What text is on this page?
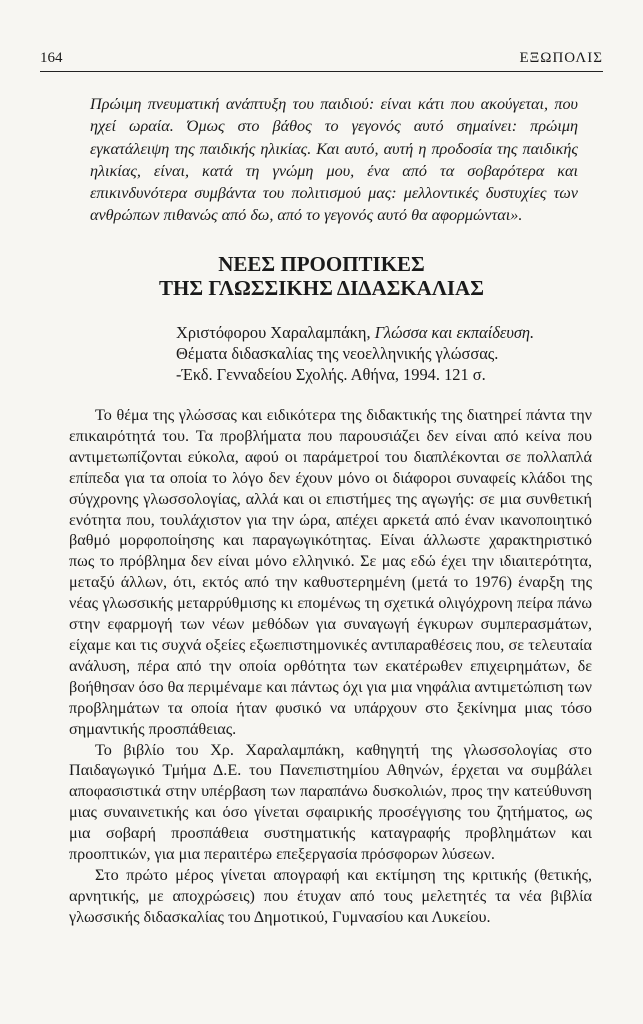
164	ΕΞΩΠΟΛΙΣ
Πρώιμη πνευματική ανάπτυξη του παιδιού: είναι κάτι που ακούγεται, που ηχεί ωραία. Όμως στο βάθος το γεγονός αυτό σημαίνει: πρώιμη εγκατάλειψη της παιδικής ηλικίας. Και αυτό, αυτή η προδοσία της παιδικής ηλικίας, είναι, κατά τη γνώμη μου, ένα από τα σοβαρότερα και επικινδυνότερα συμβάντα του πολιτισμού μας: μελλοντικές δυστυχίες των ανθρώπων πιθανώς από δω, από το γεγονός αυτό θα αφορμώνται».
ΝΕΕΣ ΠΡΟΟΠΤΙΚΕΣ
ΤΗΣ ΓΛΩΣΣΙΚΗΣ ΔΙΔΑΣΚΑΛΙΑΣ
Χριστόφορου Χαραλαμπάκη, Γλώσσα και εκπαίδευση.
Θέματα διδασκαλίας της νεοελληνικής γλώσσας.
-Έκδ. Γενναδείου Σχολής. Αθήνα, 1994. 121 σ.

Το θέμα της γλώσσας και ειδικότερα της διδακτικής της διατηρεί πάντα την επικαιρότητά του. Τα προβλήματα που παρουσιάζει δεν είναι από κείνα που αντιμετωπίζονται εύκολα, αφού οι παράμετροί του διαπλέκονται σε πολλαπλά επίπεδα για τα οποία το λόγο δεν έχουν μόνο οι διάφοροι συναφείς κλάδοι της σύγχρονης γλωσσολογίας, αλλά και οι επιστήμες της αγωγής: σε μια συνθετική ενότητα που, τουλάχιστον για την ώρα, απέχει αρκετά από έναν ικανοποιητικό βαθμό μορφοποίησης και παραγωγικότητας. Είναι άλλωστε χαρακτηριστικό πως το πρόβλημα δεν είναι μόνο ελληνικό. Σε μας εδώ έχει την ιδιαιτερότητα, μεταξύ άλλων, ότι, εκτός από την καθυστερημένη (μετά το 1976) έναρξη της νέας γλωσσικής μεταρρύθμισης κι επομένως τη σχετικά ολιγόχρονη πείρα πάνω στην εφαρμογή των νέων μεθόδων για συναγωγή έγκυρων συμπερασμάτων, είχαμε και τις συχνά οξείες εξωεπιστημονικές αντιπαραθέσεις που, σε τελευταία ανάλυση, πέρα από την οποία ορθότητα των εκατέρωθεν επιχειρημάτων, δε βοήθησαν όσο θα περιμέναμε και πάντως όχι για μια νηφάλια αντιμετώπιση των προβλημάτων τα οποία ήταν φυσικό να υπάρχουν στο ξεκίνημα μιας τόσο σημαντικής προσπάθειας.

Το βιβλίο του Χρ. Χαραλαμπάκη, καθηγητή της γλωσσολογίας στο Παιδαγωγικό Τμήμα Δ.Ε. του Πανεπιστημίου Αθηνών, έρχεται να συμβάλει αποφασιστικά στην υπέρβαση των παραπάνω δυσκολιών, προς την κατεύθυνση μιας συναινετικής και όσο γίνεται σφαιρικής προσέγγισης του ζητήματος, ως μια σοβαρή προσπάθεια συστηματικής καταγραφής προβλημάτων και προοπτικών, για μια περαιτέρω επεξεργασία πρόσφορων λύσεων.

Στο πρώτο μέρος γίνεται απογραφή και εκτίμηση της κριτικής (θετικής, αρνητικής, με αποχρώσεις) που έτυχαν από τους μελετητές τα νέα βιβλία γλωσσικής διδασκαλίας του Δημοτικού, Γυμνασίου και Λυκείου.
